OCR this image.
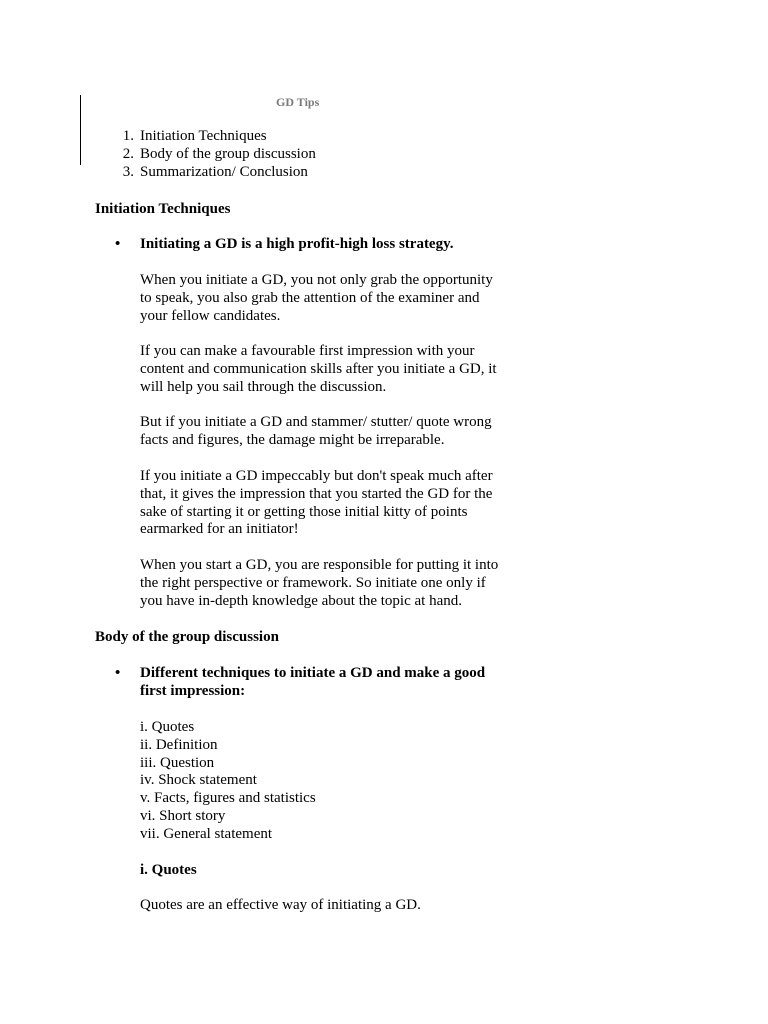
GD Tips
1. Initiation Techniques
2. Body of the group discussion
3. Summarization/ Conclusion
Initiation Techniques
• Initiating a GD is a high profit-high loss strategy.

When you initiate a GD, you not only grab the opportunity
to speak, you also grab the attention of the examiner and
your fellow candidates.

If you can make a favourable first impression with your
content and communication skills after you initiate a GD, it
will help you sail through the discussion.

But if you initiate a GD and stammer/ stutter/ quote wrong
facts and figures, the damage might be irreparable.

If you initiate a GD impeccably but don't speak much after
that, it gives the impression that you started the GD for the
sake of starting it or getting those initial kitty of points
earmarked for an initiator!

When you start a GD, you are responsible for putting it into
the right perspective or framework. So initiate one only if
you have in-depth knowledge about the topic at hand.

Body of the group discussion
• Different techniques to initiate a GD and make a good
first impression:
i. Quotes
ii. Definition
iii. Question
iv. Shock statement
v. Facts, figures and statistics
vi. Short story
vii. General statement
i. Quotes

Quotes are an effective way of initiating a GD.
